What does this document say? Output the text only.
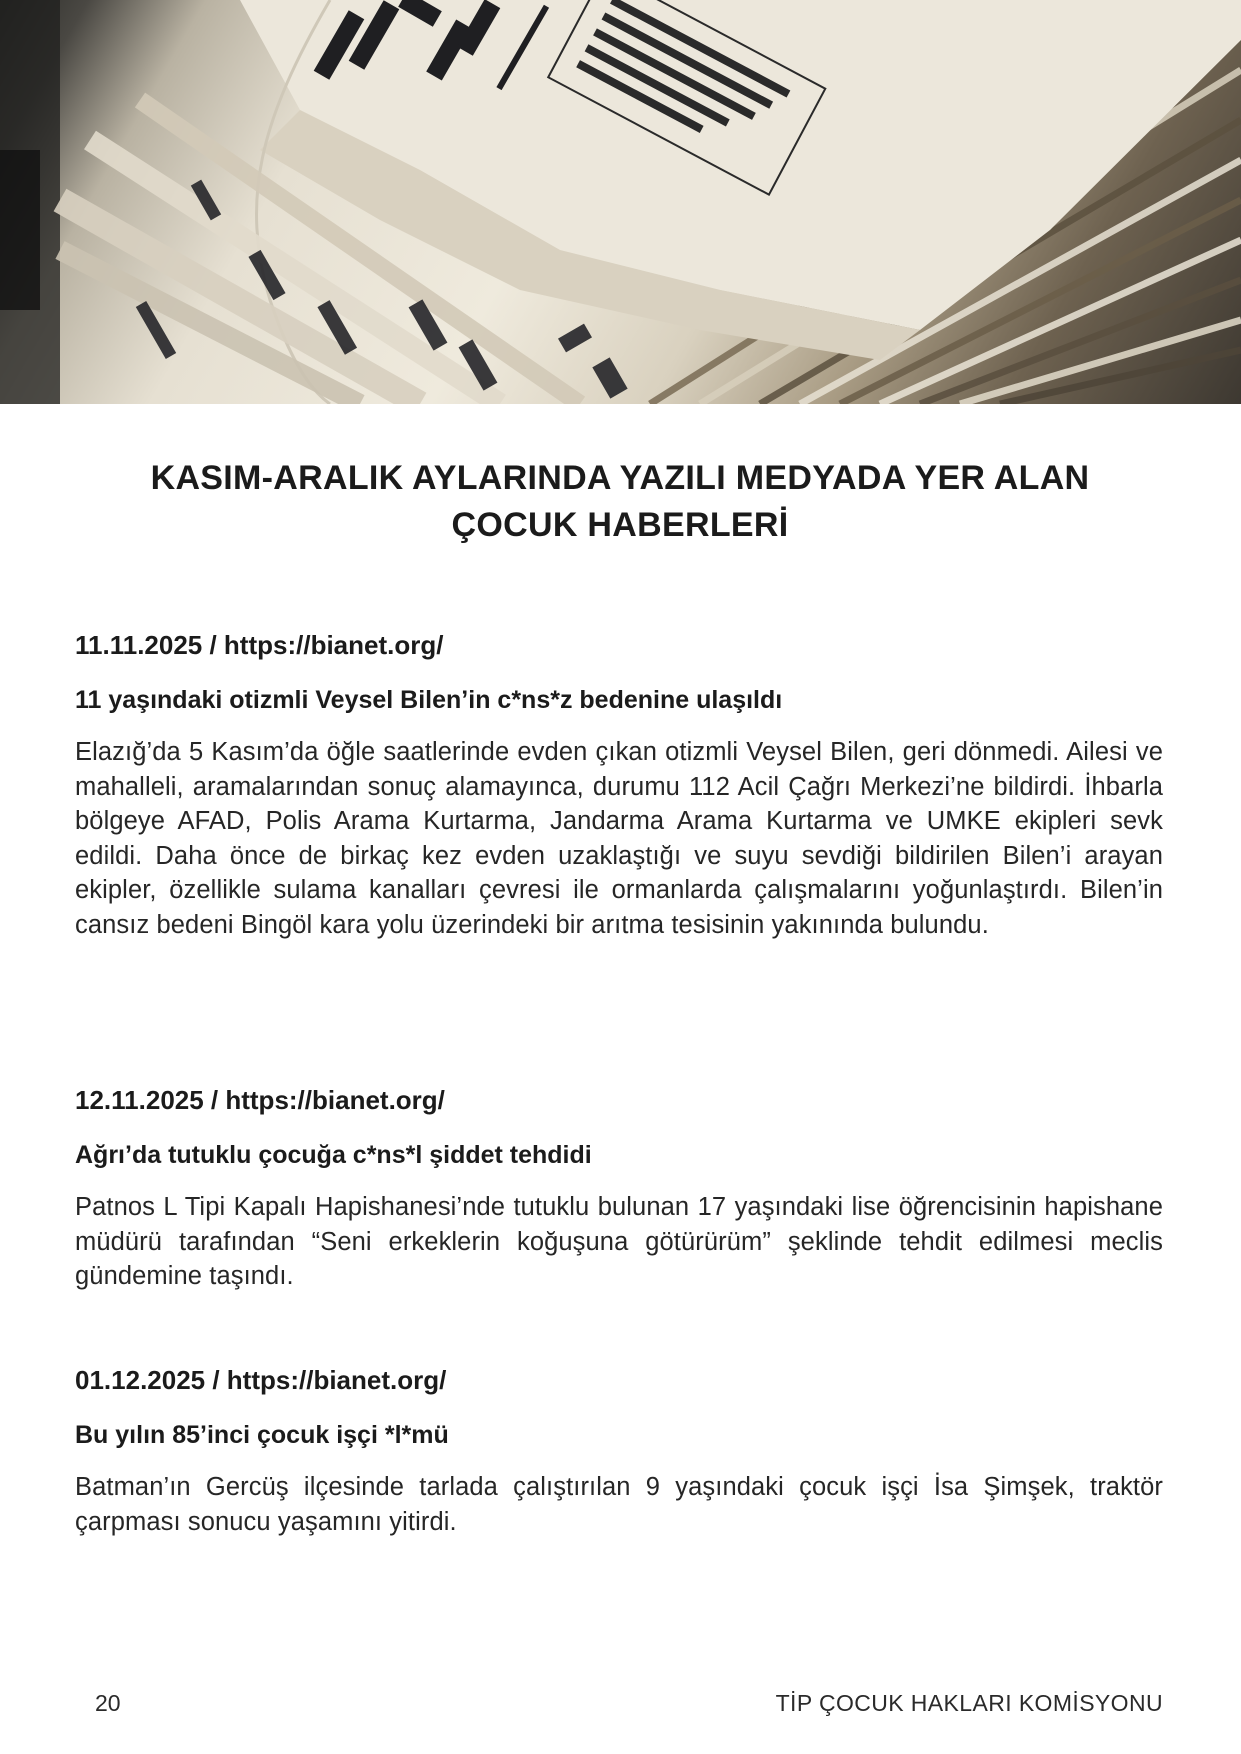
KASIM-ARALIK AYLARINDA YAZILI MEDYADA YER ALAN
ÇOCUK HABERLERİ

11.11.2025 / https://bianet.org/

11 yaşındaki otizmli Veysel Bilen’in c*ns*z bedenine ulaşıldı

Elazığ’da 5 Kasım’da öğle saatlerinde evden çıkan otizmli Veysel Bilen, geri dönmedi. Ailesi ve mahalleli, aramalarından sonuç alamayınca, durumu 112 Acil Çağrı Merkezi’ne bildirdi. İhbarla bölgeye AFAD, Polis Arama Kurtarma, Jandarma Arama Kurtarma ve UMKE ekipleri sevk edildi. Daha önce de birkaç kez evden uzaklaştığı ve suyu sevdiği bildirilen Bilen’i arayan ekipler, özellikle sulama kanalları çevresi ile ormanlarda çalışmalarını yoğunlaştırdı. Bilen’in cansız bedeni Bingöl kara yolu üzerindeki bir arıtma tesisinin yakınında bulundu.

12.11.2025 / https://bianet.org/

Ağrı’da tutuklu çocuğa c*ns*l şiddet tehdidi

Patnos L Tipi Kapalı Hapishanesi’nde tutuklu bulunan 17 yaşındaki lise öğrencisinin hapishane müdürü tarafından “Seni erkeklerin koğuşuna götürürüm” şeklinde tehdit edilmesi meclis gündemine taşındı.

01.12.2025 / https://bianet.org/

Bu yılın 85’inci çocuk işçi *l*mü

Batman’ın Gercüş ilçesinde tarlada çalıştırılan 9 yaşındaki çocuk işçi İsa Şimşek, traktör çarpması sonucu yaşamını yitirdi.

20	TİP ÇOCUK HAKLARI KOMİSYONU
